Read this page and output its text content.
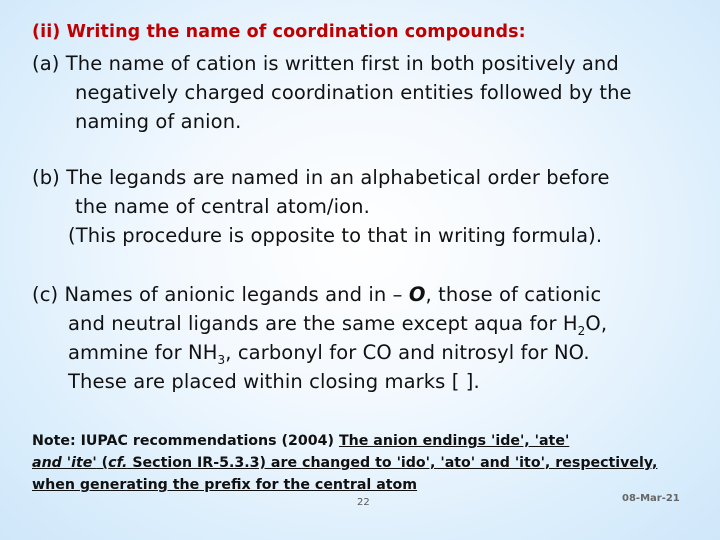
(ii) Writing the name of coordination compounds:
(a) The name of cation is written first in both positively and
negatively charged coordination entities followed by the
naming of anion.
(b) The legands are named in an alphabetical order before
the name of central atom/ion.
(This procedure is opposite to that in writing formula).
(c) Names of anionic legands and in – O, those of cationic
and neutral ligands are the same except aqua for $H_2O$,
ammine for $NH_3$, carbonyl for CO and nitrosyl for NO.
These are placed within closing marks [ ].
Note: IUPAC recommendations (2004) The anion endings 'ide', 'ate'
and 'ite' (cf. Section IR-5.3.3) are changed to 'ido', 'ato' and 'ito', respectively, when generating the prefix for the central atom
22	08-Mar-21
